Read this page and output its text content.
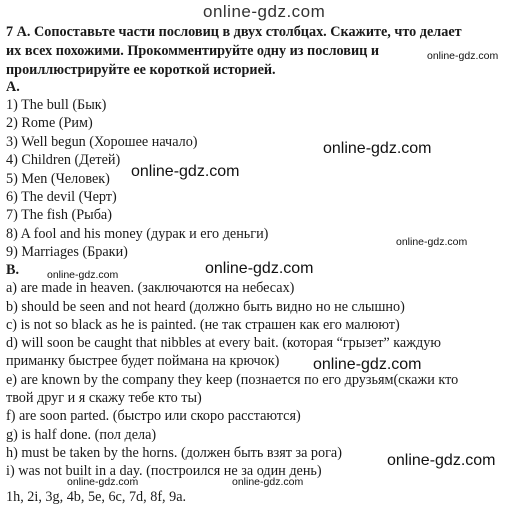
online-gdz.com
7 А. Сопоставьте части пословиц в двух столбцах. Скажите, что делает
их всех похожими. Прокомментируйте одну из пословиц и
проиллюстрируйте ее короткой историей.
А.
1) The bull (Бык)
2) Rome (Рим)
3) Well begun (Хорошее начало)
4) Children (Детей)
5) Men (Человек)
6) The devil (Черт)
7) The fish (Рыба)
8) A fool and his money (дурак и его деньги)
9) Marriages (Браки)
В.
a) are made in heaven. (заключаются на небесах)
b) should be seen and not heard (должно быть видно но не слышно)
c) is not so black as he is painted. (не так страшен как его малюют)
d) will soon be caught that nibbles at every bait. (которая “грызет” каждую
приманку быстрее будет поймана на крючок)
e) are known by the company they keep (познается по его друзьям(скажи кто
твой друг и я скажу тебе кто ты)
f) are soon parted. (быстро или скоро расстаются)
g) is half done. (пол дела)
h) must be taken by the horns. (должен быть взят за рога)
i) was not built in a day. (построился не за один день)
1h, 2i, 3g, 4b, 5e, 6c, 7d, 8f, 9a.
online-gdz.com
online-gdz.com
online-gdz.com
online-gdz.com
online-gdz.com	online-gdz.com
online-gdz.com
online-gdz.com
online-gdz.com	online-gdz.com
